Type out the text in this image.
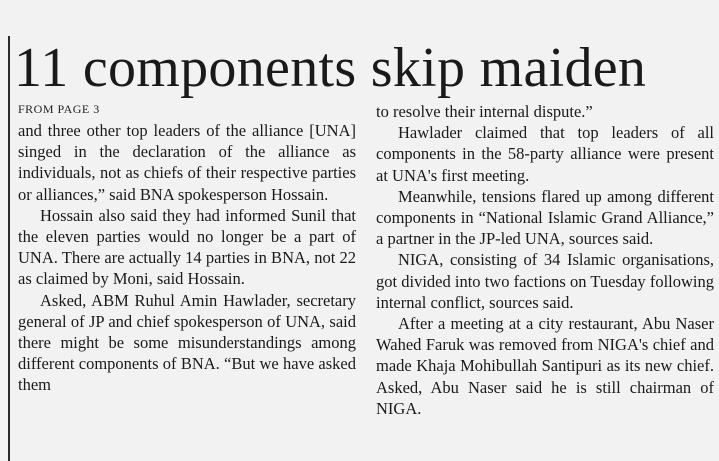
11 components skip maiden
FROM PAGE 3

and three other top leaders of the alliance [UNA] singed in the declaration of the alliance as individuals, not as chiefs of their respective parties or alliances,” said BNA spokesperson Hossain.

Hossain also said they had informed Sunil that the eleven parties would no longer be a part of UNA. There are actually 14 parties in BNA, not 22 as claimed by Moni, said Hossain.

Asked, ABM Ruhul Amin Hawlader, secretary general of JP and chief spokesperson of UNA, said there might be some misunderstandings among different components of BNA. “But we have asked them

to resolve their internal dispute.”

Hawlader claimed that top leaders of all components in the 58-party alliance were present at UNA's first meeting.

Meanwhile, tensions flared up among different components in “National Islamic Grand Alliance,” a partner in the JP-led UNA, sources said.

NIGA, consisting of 34 Islamic organisations, got divided into two factions on Tuesday following internal conflict, sources said.

After a meeting at a city restaurant, Abu Naser Wahed Faruk was removed from NIGA's chief and made Khaja Mohibullah Santipuri as its new chief. Asked, Abu Naser said he is still chairman of NIGA.
